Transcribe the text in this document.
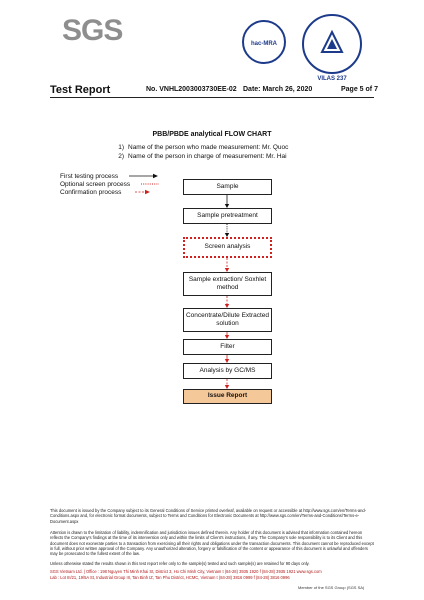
SGS	hac-MRA
VILAS 237
Test Report	No. VNHL2003003730EE-02 Date: March 26, 2020	Page 5 of 7
PBB/PBDE analytical FLOW CHART
1) Name of the person who made measurement: Mr. Quoc
2) Name of the person in charge of measurement: Mr. Hai
First testing process
Optional screen process
Confirmation process
Sample
Sample pretreatment
Screen analysis
Sample extraction/ Soxhlet method
Concentrate/Dilute Extracted solution
Filter
Analysis by GC/MS
Issue Report
This document is issued by the Company subject to its General Conditions of Service printed overleaf, available on request or accessible at http://www.sgs.com/en/Terms-and-Conditions.aspx and, for electronic format documents, subject to Terms and Conditions for Electronic Documents at http://www.sgs.com/en/Terms-and-Conditions/Terms-e-Document.aspx
Attention is drawn to the limitation of liability, indemnification and jurisdiction issues defined therein. Any holder of this document is advised that information contained hereon reflects the Company's findings at the time of its intervention only and within the limits of Client's instructions, if any. The Company's sole responsibility is to its Client and this document does not exonerate parties to a transaction from exercising all their rights and obligations under the transaction documents. This document cannot be reproduced except in full, without prior written approval of the Company. Any unauthorized alteration, forgery or falsification of the content or appearance of this document is unlawful and offenders may be prosecuted to the fullest extent of the law.
Unless otherwise stated the results shown in this test report refer only to the sample(s) tested and such sample(s) are retained for 90 days only.
SGS Vietnam Ltd. | Office : 198 Nguyen Thi Minh Khai St, District 3, Ho Chi Minh City, Vietnam t (84-28) 3935 1920 f (84-28) 3935 1921 www.sgs.com
Lab : Lot III/21, 19/5A St, Industrial Group III, Tan Binh IZ, Tan Phu District, HCMC, Vietnam t (84-28) 3816 0999 f (84-28) 3816 0996
Member of the SGS Group (SGS SA)
